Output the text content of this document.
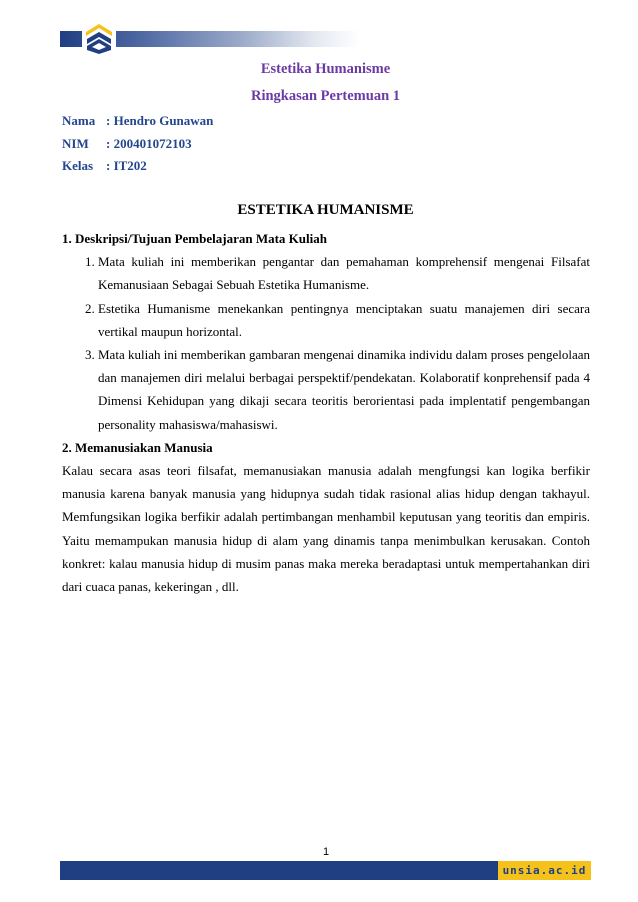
Estetika Humanisme
Ringkasan Pertemuan 1
Nama : Hendro Gunawan
NIM : 200401072103
Kelas : IT202
ESTETIKA HUMANISME
1. Deskripsi/Tujuan Pembelajaran Mata Kuliah
1. Mata kuliah ini memberikan pengantar dan pemahaman komprehensif mengenai Filsafat Kemanusiaan Sebagai Sebuah Estetika Humanisme.
2. Estetika Humanisme menekankan pentingnya menciptakan suatu manajemen diri secara vertikal maupun horizontal.
3. Mata kuliah ini memberikan gambaran mengenai dinamika individu dalam proses pengelolaan dan manajemen diri melalui berbagai perspektif/pendekatan. Kolaboratif konprehensif pada 4 Dimensi Kehidupan yang dikaji secara teoritis berorientasi pada implentatif pengembangan personality mahasiswa/mahasiswi.
2. Memanusiakan Manusia

Kalau secara asas teori filsafat, memanusiakan manusia adalah mengfungsi kan logika berfikir manusia karena banyak manusia yang hidupnya sudah tidak rasional alias hidup dengan takhayul. Memfungsikan logika berfikir adalah pertimbangan menhambil keputusan yang teoritis dan empiris. Yaitu memampukan manusia hidup di alam yang dinamis tanpa menimbulkan kerusakan. Contoh konkret: kalau manusia hidup di musim panas maka mereka beradaptasi untuk mempertahankan diri dari cuaca panas, kekeringan , dll.

1
unsia.ac.id
